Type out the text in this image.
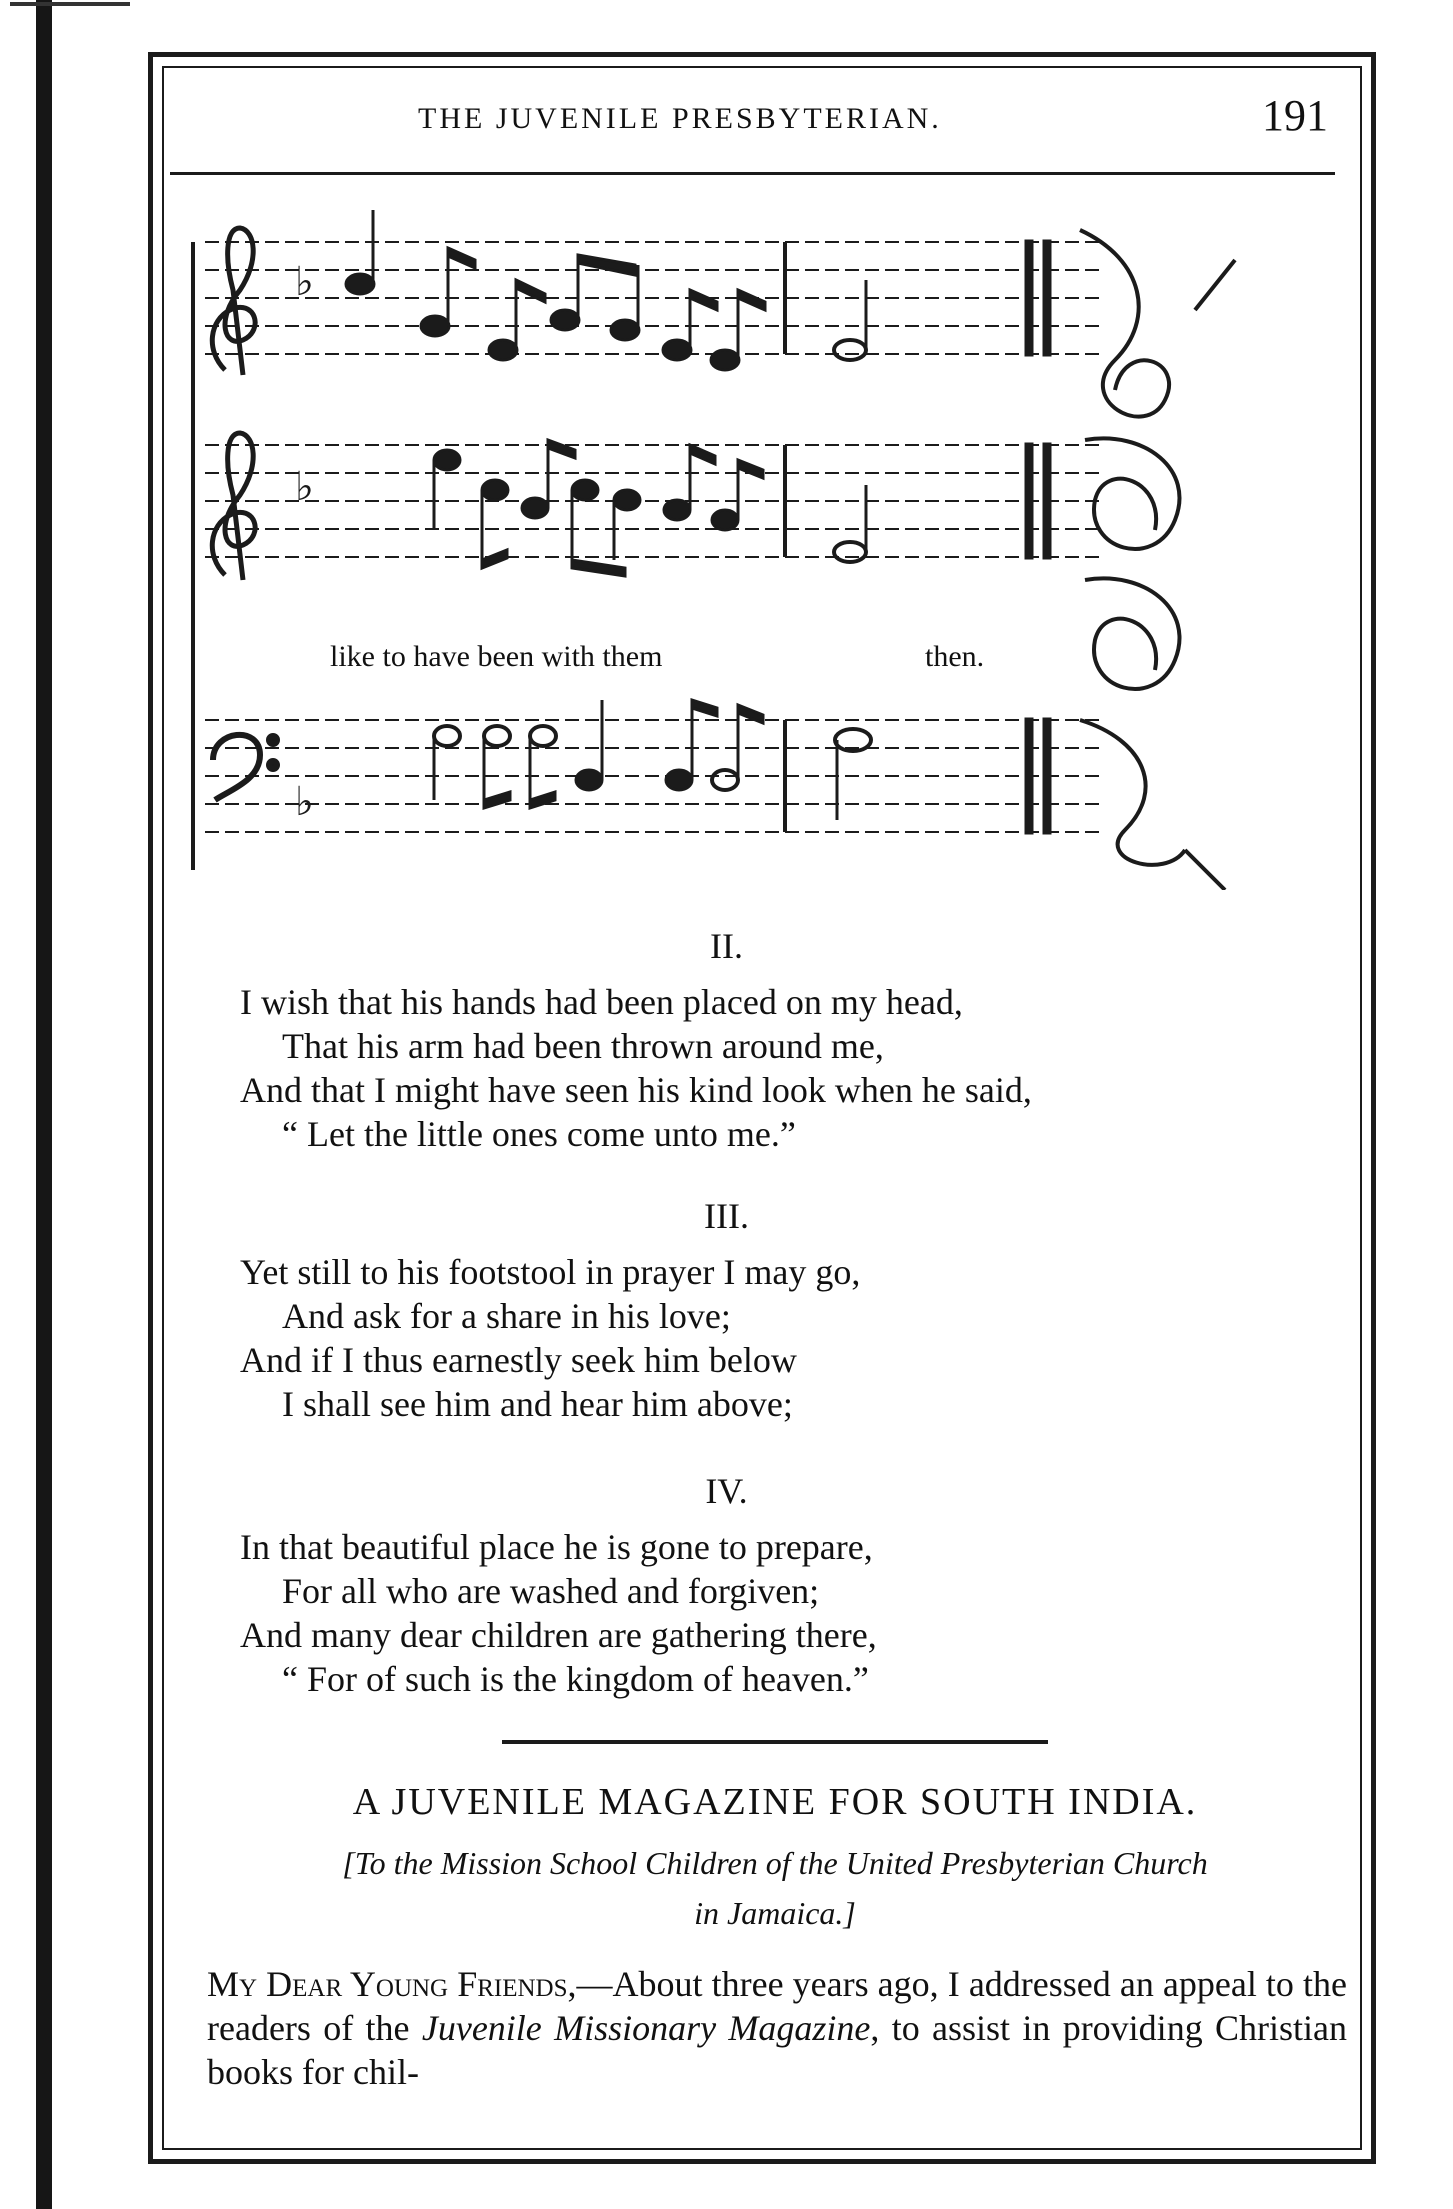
THE JUVENILE PRESBYTERIAN.	191
♭
♭
♭
like to have been with them	then.
II.
I wish that his hands had been placed on my head,
That his arm had been thrown around me,
And that I might have seen his kind look when he said,
“ Let the little ones come unto me.”
III.
Yet still to his footstool in prayer I may go,
And ask for a share in his love;
And if I thus earnestly seek him below
I shall see him and hear him above;
IV.
In that beautiful place he is gone to prepare,
For all who are washed and forgiven;
And many dear children are gathering there,
“ For of such is the kingdom of heaven.”
A JUVENILE MAGAZINE FOR SOUTH INDIA.
[To the Mission School Children of the United Presbyterian Church
in Jamaica.]
My Dear Young Friends,—About three years ago, I addressed an appeal to the readers of the Juvenile Missionary Magazine, to assist in providing Christian books for chil-
